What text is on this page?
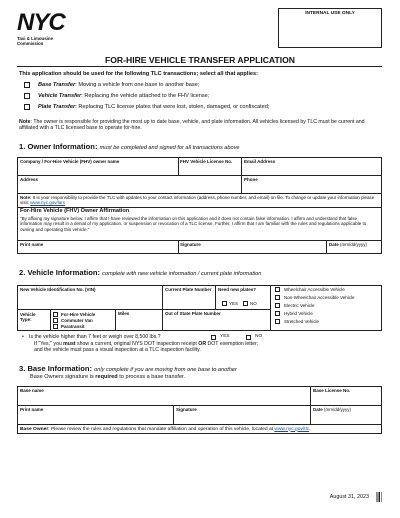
NYC
Taxi & Limousine
Commission
INTERNAL USE ONLY
FOR-HIRE VEHICLE TRANSFER APPLICATION
This application should be used for the following TLC transactions; select all that applies:
Base Transfer: Moving a vehicle from one base to another base;
Vehicle Transfer: Replacing the vehicle attached to the FHV license;
Plate Transfer: Replacing TLC license plates that were lost, stolen, damaged, or confiscated;
Note: The owner is responsible for providing the most up to date base, vehicle, and plate information. All vehicles licensed by TLC must be current and affiliated with a TLC licensed base to operate for-hire.
1. Owner Information: must be completed and signed for all transactions above
Company / For-Hire Vehicle (FHV) owner name	FHV Vehicle License No.	Email Address
Address	Phone
Note: It is your responsibility to provide the TLC with updates to your contact information (address, phone number, and email) on file. To change or update your information please visit: www.nyc.gov/lars
For-Hire Vehicle (FHV) Owner Affirmation
"By affixing my signature below, I affirm that I have reviewed the information on this application and it does not contain false information. I affirm and understand that false information may result in a denial of my application, or suspension or revocation of a TLC license. Further, I affirm that I am familiar with the rules and regulations applicable to owning and operating this vehicle."
Print name	Signature	Date (mm/dd/yyyy)
2. Vehicle Information: complete with new vehicle information / current plate information
New Vehicle Identification No. (VIN)	Current Plate Number	Need new plates?
YES	NO
Vehicle Type:
For-Hire Vehicle
Commuter Van
Paratransit
Miles	Out of State Plate Number
Wheelchair Accessible Vehicle
Non-Wheelchair Accessible Vehicle
Electric Vehicle
Hybrid Vehicle
Stretched Vehicle
• Is the vehicle higher than 7 feet or weigh over 8,500 lbs.?	YES	NO
If "Yes," you must show a current, original NYS DOT inspection receipt OR DOT exemption letter;
and the vehicle must pass a visual inspection at a TLC inspection facility.
3. Base Information: only complete if you are moving from one base to another
Base Owners signature is required to process a base transfer.
Base name	Base License No.
Print name	Signature	Date (mm/dd/yyyy)
Base Owner: Please review the rules and regulations that mandate affiliation and operation of this vehicle, located at www.nyc.gov/tlc.
August 31, 2023
